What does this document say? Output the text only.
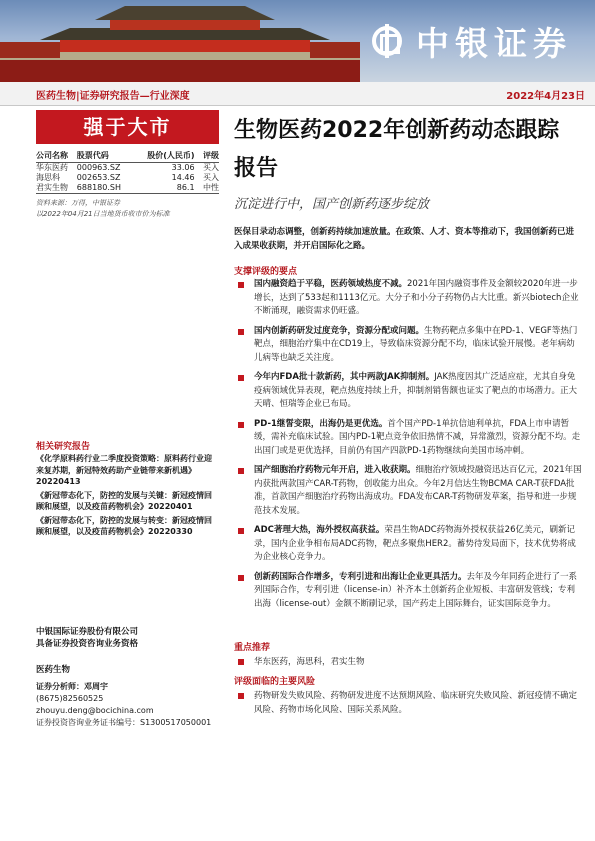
中银证券
医药生物|证券研究报告—行业深度	2022年4月23日
强于大市
公司名称	股票代码	股价(人民币)	评级
华东医药	000963.SZ	33.06	买入
海思科	002653.SZ	14.46	买入
君实生物	688180.SH	86.1	中性
资料来源：万得，中银证券
以2022年04月21日当地货币收市价为标准
相关研究报告

《化学原料药行业二季度投资策略：原料药行业迎来复苏期，新冠特效药助产业链带来新机遇》20220413

《新冠带态化下，防控的发展与关键：新冠疫情回顾和展望，以及疫苗药物机会》20220401

《新冠带态化下，防控的发展与转变：新冠疫情回顾和展望，以及疫苗药物机会》20220330

中银国际证券股份有限公司
具备证券投资咨询业务资格
医药生物
证券分析师：邓周宇
(8675)82560525
zhouyu.deng@bocichina.com
证券投资咨询业务证书编号：S1300517050001
生物医药2022年创新药动态跟踪报告
沉淀进行中，国产创新药逐步绽放
医保目录动态调整，创新药持续加速放量。在政策、人才、资本等推动下，我国创新药已进入成果收获期，并开启国际化之路。
支撑评级的要点
国内融资趋于平稳，医药领域热度不减。2021年国内融资事件及金额较2020年进一步增长，达到了533起和1113亿元。大分子和小分子药物仍占大比重。新兴biotech企业不断涌现，融资需求仍旺盛。
国内创新药研发过度竞争，资源分配或问题。生物药靶点多集中在PD-1、VEGF等热门靶点，细胞治疗集中在CD19上，导致临床资源分配不均，临床试验开展慢。老年病幼儿病等也缺乏关注度。
今年内FDA批十款新药，其中两款JAK抑制剂。JAK热度因其广泛适应症，尤其自身免疫病领域优异表现，靶点热度持续上升，抑制剂销售额也证实了靶点的市场潜力。正大天晴、恒瑞等企业已布局。
PD-1继誓变限，出海仍是更优选。首个国产PD-1单抗信迪利单抗，FDA上市申请暂缓，需补充临床试验。国内PD-1靶点竞争依旧热情不减，异常激烈，资源分配不均。走出国门或是更优选择，目前仍有国产四款PD-1药物继续向美国市场冲刺。
国产细胞治疗药物元年开启，进入收获期。细胞治疗领域投融资迅达百亿元，2021年国内获批两款国产CAR-T药物，创收能力出众。今年2月信达生物BCMA CAR-T获FDA批准，首款国产细胞治疗药物出海成功。FDA发布CAR-T药物研发草案，指导和进一步规范技术发展。
ADC著理大热，海外授权高获益。荣昌生物ADC药物海外授权获益26亿美元，刷新记录，国内企业争相布局ADC药物，靶点多聚焦HER2。蓄势待发局面下，技术优势将成为企业核心竞争力。
创新药国际合作增多，专利引进和出海让企业更具活力。去年及今年同药企进行了一系列国际合作，专利引进（license-in）补齐本土创新药企业短板、丰富研发管线；专利出海（license-out）金额不断刷记录，国产药走上国际舞台，证实国际竞争力。
重点推荐
华东医药，海思科，君实生物
评级面临的主要风险
药物研发失败风险、药物研发进度不达预期风险、临床研究失败风险、新冠疫情不确定风险、药物市场化风险、国际关系风险。
